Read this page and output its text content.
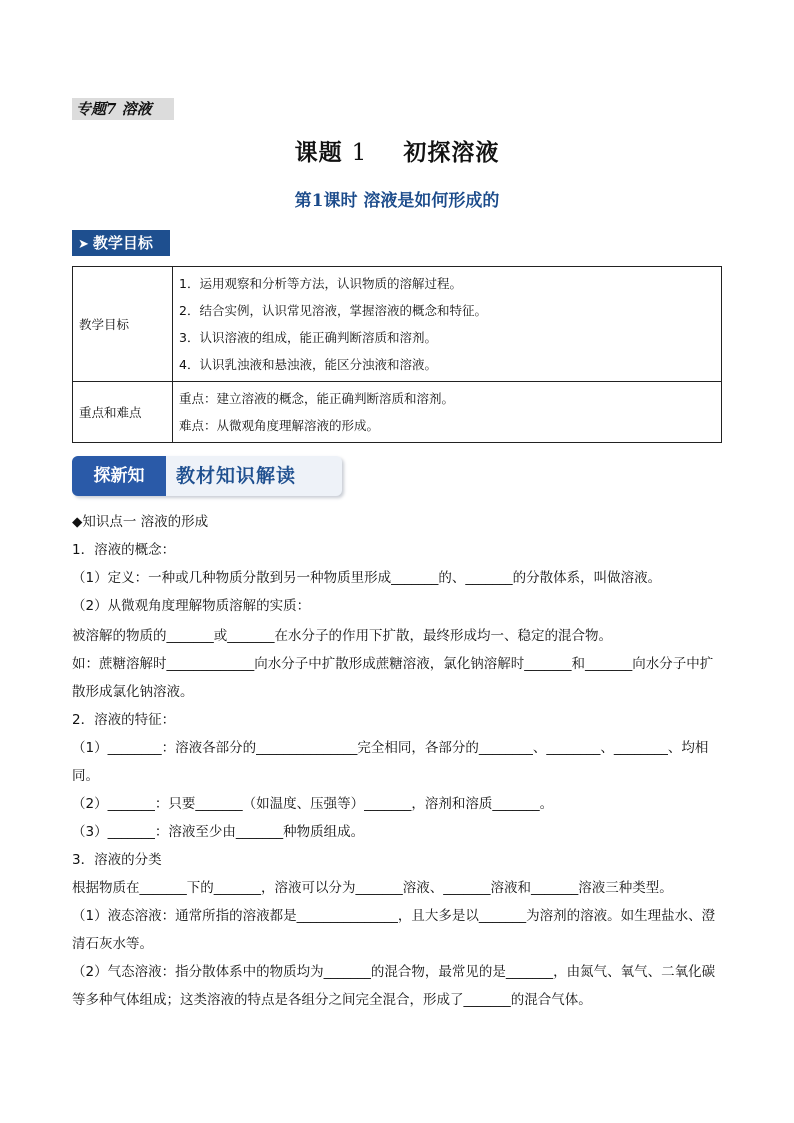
专题7 溶液
课题 1 初探溶液
第1课时 溶液是如何形成的
➤ 教学目标
教学目标	1．运用观察和分析等方法，认识物质的溶解过程。
2．结合实例，认识常见溶液，掌握溶液的概念和特征。
3．认识溶液的组成，能正确判断溶质和溶剂。
4．认识乳浊液和悬浊液，能区分浊液和溶液。

重点和难点	重点：建立溶液的概念，能正确判断溶质和溶剂。
难点：从微观角度理解溶液的形成。
探新知	教材知识解读

◆知识点一 溶液的形成

1．溶液的概念：

（1）定义：一种或几种物质分散到另一种物质里形成_______的、_______的分散体系，叫做溶液。

（2）从微观角度理解物质溶解的实质：

被溶解的物质的_______或_______在水分子的作用下扩散，最终形成均一、稳定的混合物。

如：蔗糖溶解时_____________向水分子中扩散形成蔗糖溶液，氯化钠溶解时_______和_______向水分子中扩散形成氯化钠溶液。

2．溶液的特征：

（1）________：溶液各部分的_______________完全相同，各部分的________、________、________、均相同。

（2）_______：只要_______（如温度、压强等）_______，溶剂和溶质_______。

（3）_______：溶液至少由_______种物质组成。

3．溶液的分类

根据物质在_______下的_______，溶液可以分为_______溶液、_______溶液和_______溶液三种类型。

（1）液态溶液：通常所指的溶液都是_______________，且大多是以_______为溶剂的溶液。如生理盐水、澄清石灰水等。

（2）气态溶液：指分散体系中的物质均为_______的混合物，最常见的是_______，由氮气、氧气、二氧化碳等多种气体组成；这类溶液的特点是各组分之间完全混合，形成了_______的混合气体。
